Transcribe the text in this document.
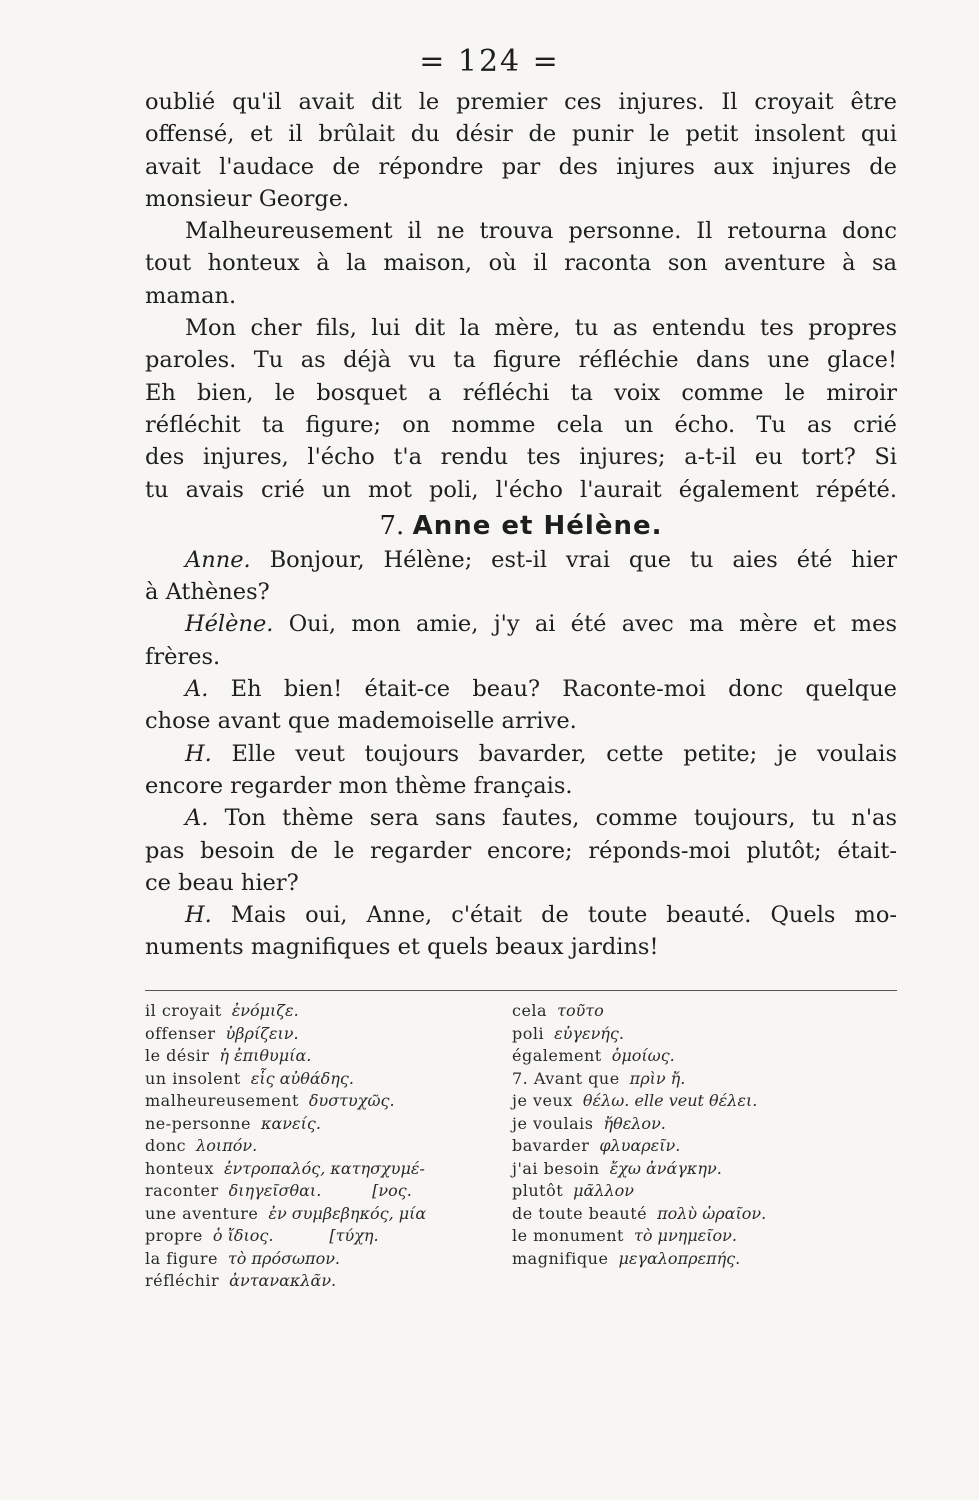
= 124 =
oublié qu'il avait dit le premier ces injures. Il croyait être
offensé, et il brûlait du désir de punir le petit insolent qui
avait l'audace de répondre par des injures aux injures de
monsieur George.
Malheureusement il ne trouva personne. Il retourna donc
tout honteux à la maison, où il raconta son aventure à sa
maman.
Mon cher fils, lui dit la mère, tu as entendu tes propres
paroles. Tu as déjà vu ta figure réfléchie dans une glace!
Eh bien, le bosquet a réfléchi ta voix comme le miroir
réfléchit ta figure; on nomme cela un écho. Tu as crié
des injures, l'écho t'a rendu tes injures; a-t-il eu tort? Si
tu avais crié un mot poli, l'écho l'aurait également répété.
7. Anne et Hélène.
Anne. Bonjour, Hélène; est-il vrai que tu aies été hier
à Athènes?
Hélène. Oui, mon amie, j'y ai été avec ma mère et mes
frères.
A. Eh bien! était-ce beau? Raconte-moi donc quelque
chose avant que mademoiselle arrive.
H. Elle veut toujours bavarder, cette petite; je voulais
encore regarder mon thème français.
A. Ton thème sera sans fautes, comme toujours, tu n'as
pas besoin de le regarder encore; réponds-moi plutôt; était-
ce beau hier?
H. Mais oui, Anne, c'était de toute beauté. Quels mo-
numents magnifiques et quels beaux jardins!
il croyait ἐνόμιζε.
offenser ὑβρίζειν.
le désir ἡ ἐπιθυμία.
un insolent εἷς αὐθάδης.
malheureusement δυστυχῶς.
ne-personne κανείς.
donc λοιπόν.
honteux ἐντροπαλός, κατησχυμέ-
raconter διηγεῖσθαι.          [νος.
une aventure ἐν συμβεβηκός, μία
propre ὁ ἴδιος.           [τύχη.
la figure τὸ πρόσωπον.
réfléchir ἀντανακλᾶν.
cela τοῦτο
poli εὐγενής.
également ὁμοίως.
7. Avant que πρὶν ἤ.
je veux θέλω. elle veut θέλει.
je voulais ἤθελον.
bavarder φλυαρεῖν.
j'ai besoin ἔχω ἀνάγκην.
plutôt μᾶλλον
de toute beauté πολὺ ὡραῖον.
le monument τὸ μνημεῖον.
magnifique μεγαλοπρεπής.
